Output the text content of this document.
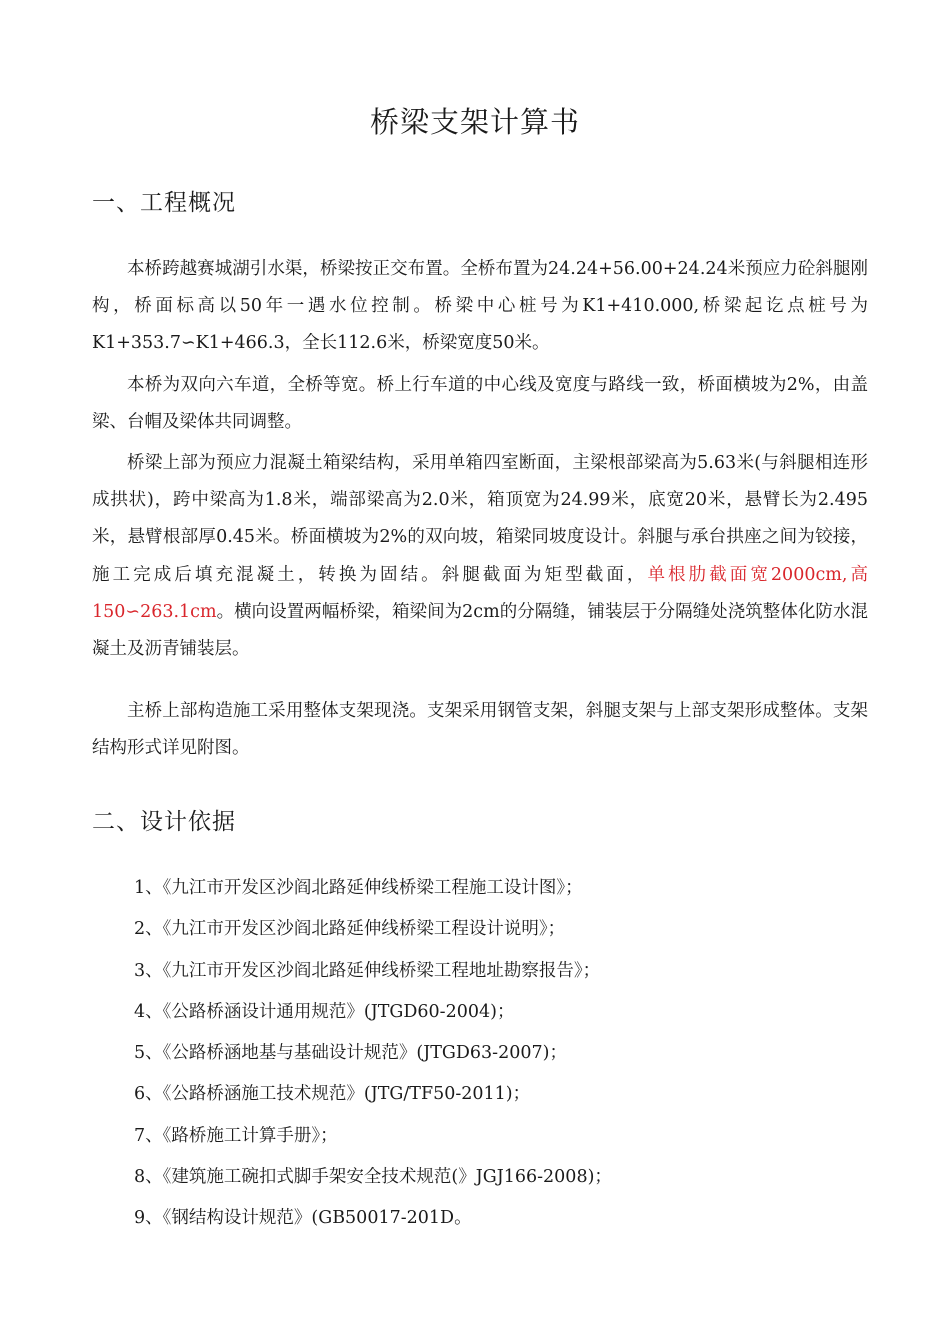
桥梁支架计算书
一、工程概况

本桥跨越赛城湖引水渠，桥梁按正交布置。全桥布置为24.24+56.00+24.24米预应力砼斜腿刚构，桥面标高以50年一遇水位控制。桥梁中心桩号为K1+410.000,桥梁起讫点桩号为K1+353.7∽K1+466.3，全长112.6米，桥梁宽度50米。

本桥为双向六车道，全桥等宽。桥上行车道的中心线及宽度与路线一致，桥面横坡为2%，由盖梁、台帽及梁体共同调整。

桥梁上部为预应力混凝土箱梁结构，采用单箱四室断面，主梁根部梁高为5.63米(与斜腿相连形成拱状)，跨中梁高为1.8米，端部梁高为2.0米，箱顶宽为24.99米，底宽20米，悬臂长为2.495米，悬臂根部厚0.45米。桥面横坡为2%的双向坡，箱梁同坡度设计。斜腿与承台拱座之间为铰接，施工完成后填充混凝土，转换为固结。斜腿截面为矩型截面，单根肋截面宽2000cm,高150∽263.1cm。横向设置两幅桥梁，箱梁间为2cm的分隔缝，铺装层于分隔缝处浇筑整体化防水混凝土及沥青铺装层。

主桥上部构造施工采用整体支架现浇。支架采用钢管支架，斜腿支架与上部支架形成整体。支架结构形式详见附图。

二、设计依据
1、《九江市开发区沙阎北路延伸线桥梁工程施工设计图》；
2、《九江市开发区沙阎北路延伸线桥梁工程设计说明》；
3、《九江市开发区沙阎北路延伸线桥梁工程地址勘察报告》；
4、《公路桥涵设计通用规范》(JTGD60-2004)；
5、《公路桥涵地基与基础设计规范》(JTGD63-2007)；
6、《公路桥涵施工技术规范》(JTG/TF50-2011)；
7、《路桥施工计算手册》；
8、《建筑施工碗扣式脚手架安全技术规范(》JGJ166-2008)；
9、《钢结构设计规范》(GB50017-201D。
